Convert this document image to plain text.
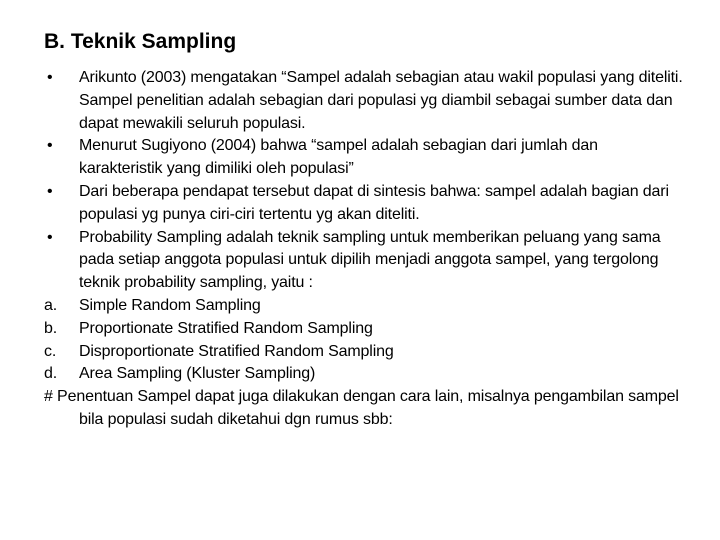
B. Teknik Sampling
•	Arikunto (2003) mengatakan “Sampel adalah sebagian atau wakil populasi yang diteliti. Sampel penelitian adalah sebagian dari populasi yg diambil sebagai sumber data dan dapat mewakili seluruh populasi.
•	Menurut Sugiyono (2004) bahwa “sampel adalah sebagian dari jumlah dan karakteristik yang dimiliki oleh populasi”
•	Dari beberapa pendapat tersebut dapat di sintesis bahwa: sampel adalah bagian dari populasi yg punya ciri-ciri tertentu yg akan diteliti.
•	Probability Sampling adalah teknik sampling untuk memberikan peluang yang sama pada setiap anggota populasi untuk dipilih menjadi anggota sampel, yang tergolong teknik probability sampling, yaitu :
a.	Simple Random Sampling
b.	Proportionate Stratified Random Sampling
c.	Disproportionate Stratified Random Sampling
d.	Area Sampling (Kluster Sampling)
# Penentuan Sampel dapat juga dilakukan dengan cara lain, misalnya pengambilan sampel bila populasi sudah diketahui dgn rumus sbb:
